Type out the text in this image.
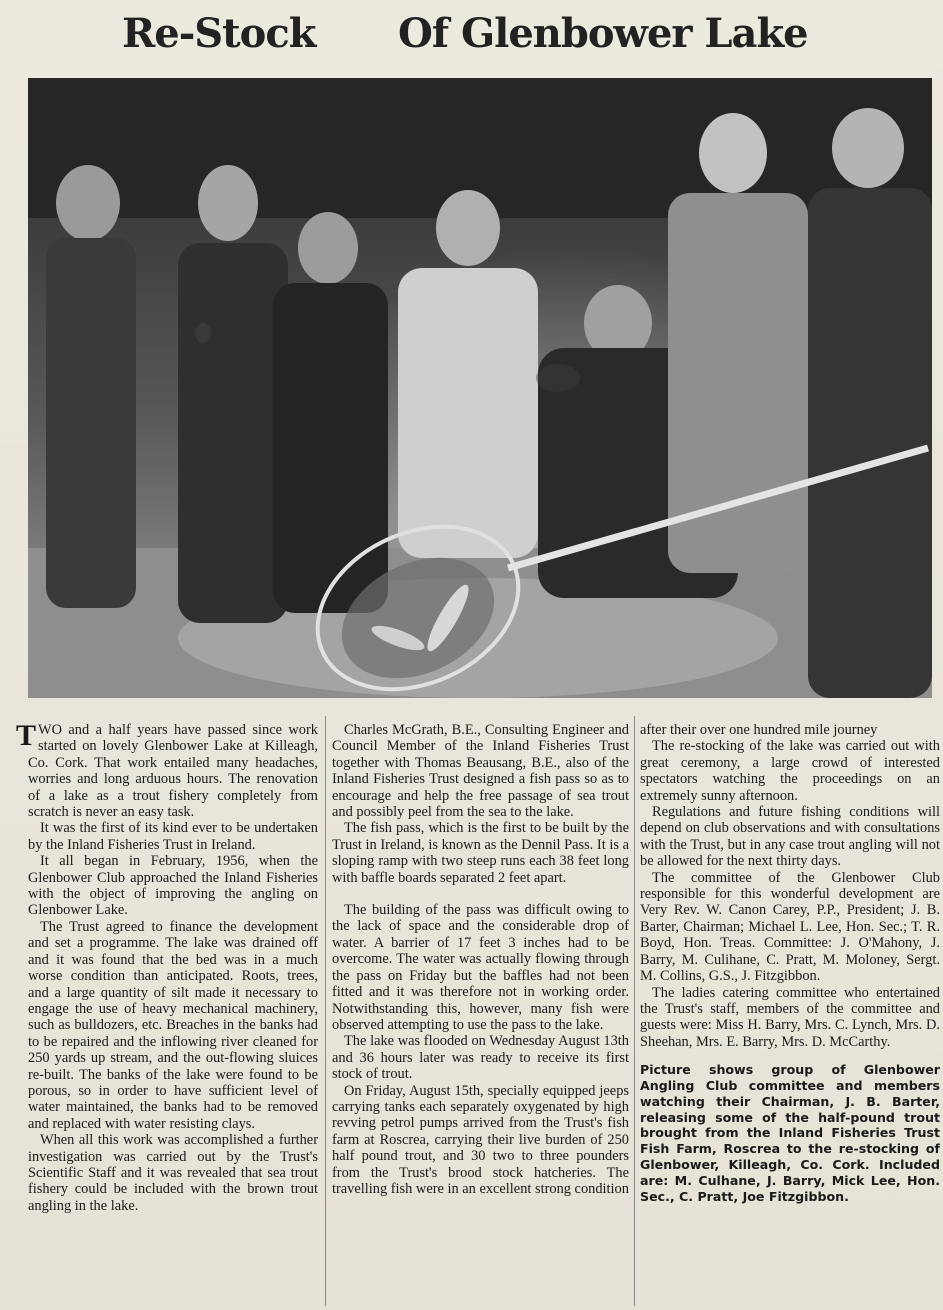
Re-Stock Of Glenbower Lake

TWO and a half years have passed since work started on lovely Glenbower Lake at Killeagh, Co. Cork. That work entailed many headaches, worries and long arduous hours. The renovation of a lake as a trout fishery completely from scratch is never an easy task.

It was the first of its kind ever to be undertaken by the Inland Fisheries Trust in Ireland.

It all began in February, 1956, when the Glenbower Club approached the Inland Fisheries with the object of improving the angling on Glenbower Lake.

The Trust agreed to finance the development and set a programme. The lake was drained off and it was found that the bed was in a much worse condition than anticipated. Roots, trees, and a large quantity of silt made it necessary to engage the use of heavy mechanical machinery, such as bulldozers, etc. Breaches in the banks had to be repaired and the inflowing river cleaned for 250 yards up stream, and the out-flowing sluices re-built. The banks of the lake were found to be porous, so in order to have sufficient level of water maintained, the banks had to be removed and replaced with water resisting clays.

When all this work was accomplished a further investigation was carried out by the Trust's Scientific Staff and it was revealed that sea trout fishery could be included with the brown trout angling in the lake.

Charles McGrath, B.E., Consulting Engineer and Council Member of the Inland Fisheries Trust together with Thomas Beausang, B.E., also of the Inland Fisheries Trust designed a fish pass so as to encourage and help the free passage of sea trout and possibly peel from the sea to the lake.

The fish pass, which is the first to be built by the Trust in Ireland, is known as the Dennil Pass. It is a sloping ramp with two steep runs each 38 feet long with baffle boards separated 2 feet apart.

The building of the pass was difficult owing to the lack of space and the considerable drop of water. A barrier of 17 feet 3 inches had to be overcome. The water was actually flowing through the pass on Friday but the baffles had not been fitted and it was therefore not in working order. Notwithstanding this, however, many fish were observed attempting to use the pass to the lake.

The lake was flooded on Wednesday August 13th and 36 hours later was ready to receive its first stock of trout.

On Friday, August 15th, specially equipped jeeps carrying tanks each separately oxygenated by high revving petrol pumps arrived from the Trust's fish farm at Roscrea, carrying their live burden of 250 half pound trout, and 30 two to three pounders from the Trust's brood stock hatcheries. The travelling fish were in an excellent strong condition

after their over one hundred mile journey

The re-stocking of the lake was carried out with great ceremony, a large crowd of interested spectators watching the proceedings on an extremely sunny afternoon.

Regulations and future fishing conditions will depend on club observations and with consultations with the Trust, but in any case trout angling will not be allowed for the next thirty days.

The committee of the Glenbower Club responsible for this wonderful development are Very Rev. W. Canon Carey, P.P., President; J. B. Barter, Chairman; Michael L. Lee, Hon. Sec.; T. R. Boyd, Hon. Treas. Committee: J. O'Mahony, J. Barry, M. Culihane, C. Pratt, M. Moloney, Sergt. M. Collins, G.S., J. Fitzgibbon.

The ladies catering committee who entertained the Trust's staff, members of the committee and guests were: Miss H. Barry, Mrs. C. Lynch, Mrs. D. Sheehan, Mrs. E. Barry, Mrs. D. McCarthy.

Picture shows group of Glenbower Angling Club committee and members watching their Chairman, J. B. Barter, releasing some of the half-pound trout brought from the Inland Fisheries Trust Fish Farm, Roscrea to the re-stocking of Glenbower, Killeagh, Co. Cork. Included are: M. Culhane, J. Barry, Mick Lee, Hon. Sec., C. Pratt, Joe Fitzgibbon.
